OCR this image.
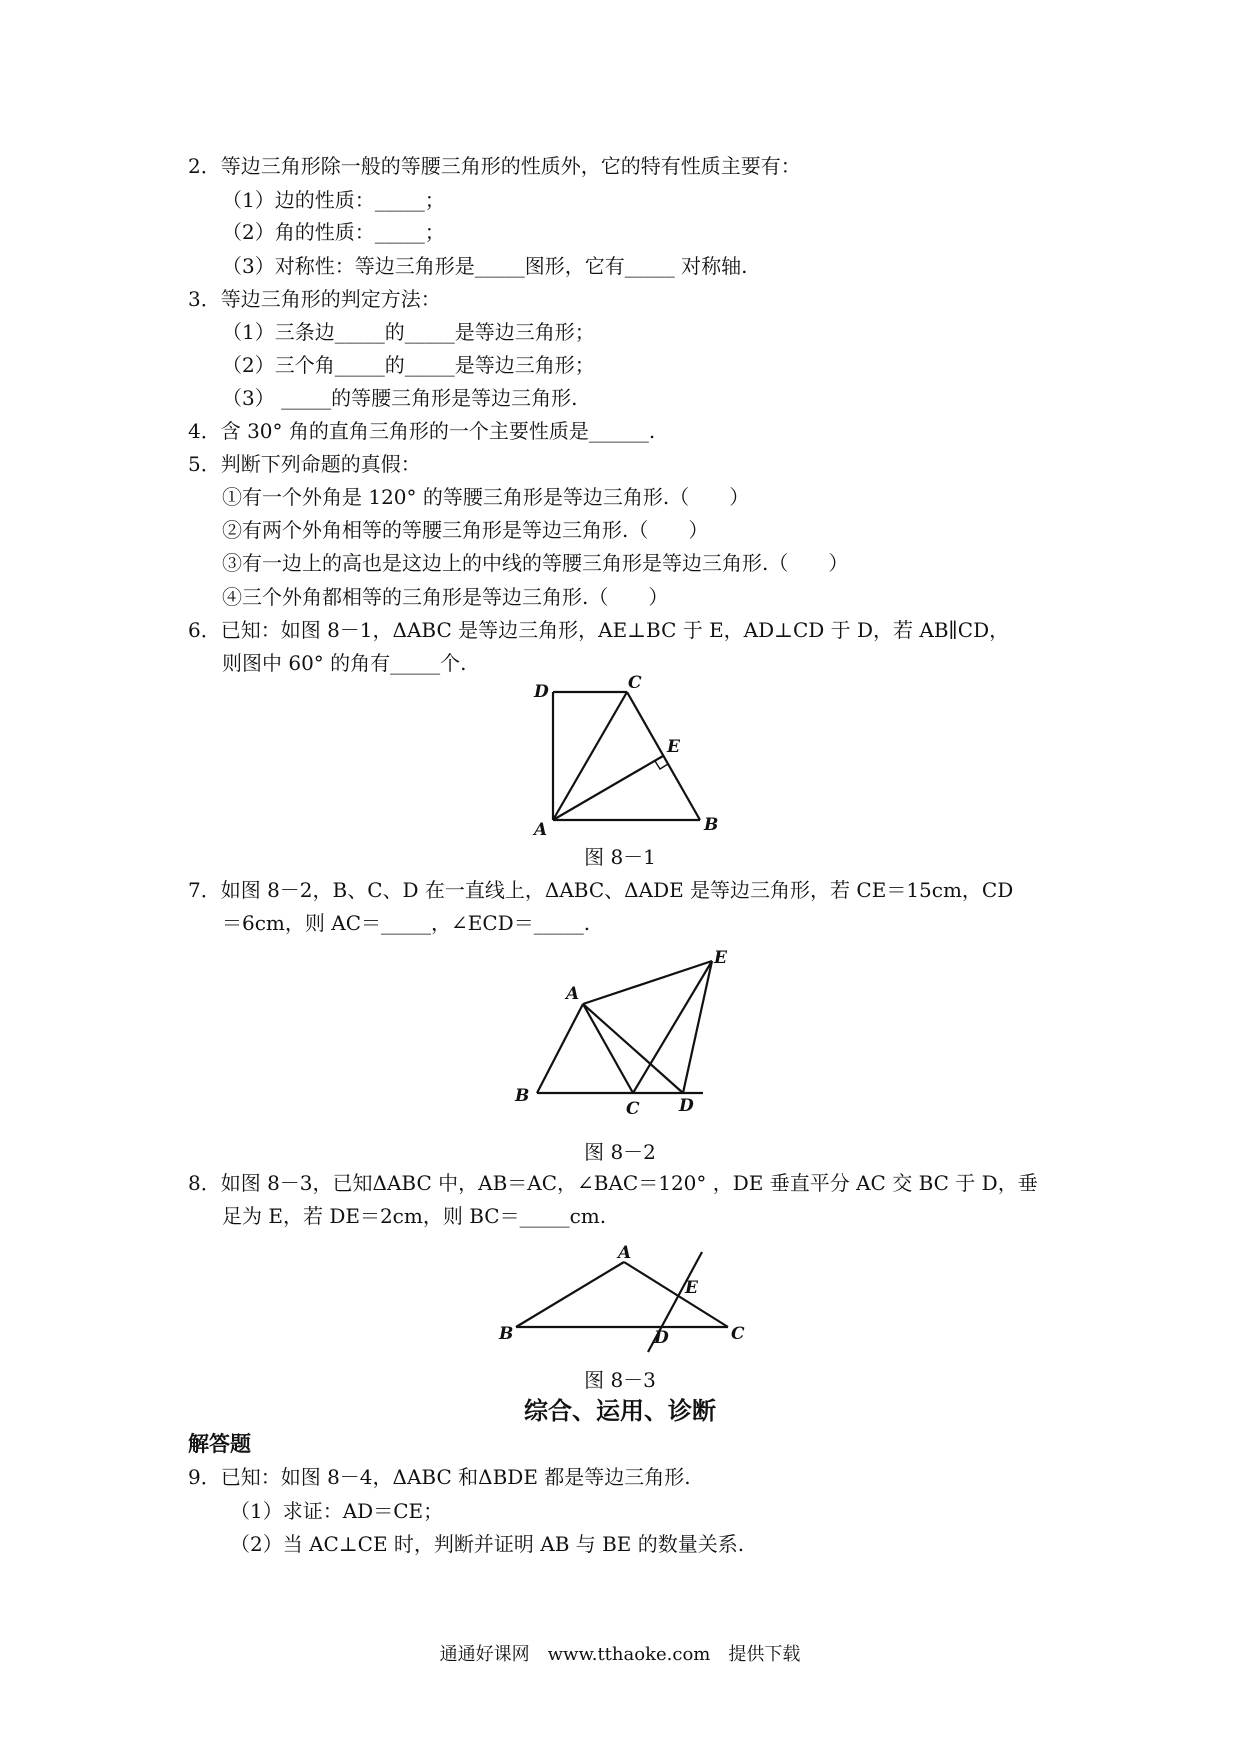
2．等边三角形除一般的等腰三角形的性质外，它的特有性质主要有：
（1）边的性质：_____；
（2）角的性质：_____；
（3）对称性：等边三角形是_____图形，它有_____ 对称轴.
3．等边三角形的判定方法：
（1）三条边_____的_____是等边三角形；
（2）三个角_____的_____是等边三角形；
（3） _____的等腰三角形是等边三角形.
4．含 30° 角的直角三角形的一个主要性质是______.
5．判断下列命题的真假：
①有一个外角是 120° 的等腰三角形是等边三角形.（　　）
②有两个外角相等的等腰三角形是等边三角形.（　　）
③有一边上的高也是这边上的中线的等腰三角形是等边三角形.（　　）
④三个外角都相等的三角形是等边三角形.（　　）
6．已知：如图 8－1，ΔABC 是等边三角形，AE⊥BC 于 E，AD⊥CD 于 D，若 AB∥CD，
则图中 60° 的角有_____个.
D	C
E
A	B
图 8－1
7．如图 8－2，B、C、D 在一直线上，ΔABC、ΔADE 是等边三角形，若 CE＝15cm，CD
＝6cm，则 AC＝_____，∠ECD＝_____.
A
E
B
C D
图 8－2
8．如图 8－3，已知ΔABC 中，AB＝AC，∠BAC＝120° ，DE 垂直平分 AC 交 BC 于 D，垂
足为 E，若 DE＝2cm，则 BC＝_____cm.
A
E
B	D	C
图 8－3
综合、运用、诊断
解答题
9．已知：如图 8－4，ΔABC 和ΔBDE 都是等边三角形.
（1）求证：AD＝CE；
（2）当 AC⊥CE 时，判断并证明 AB 与 BE 的数量关系.
通通好课网　www.tthaoke.com　提供下载
